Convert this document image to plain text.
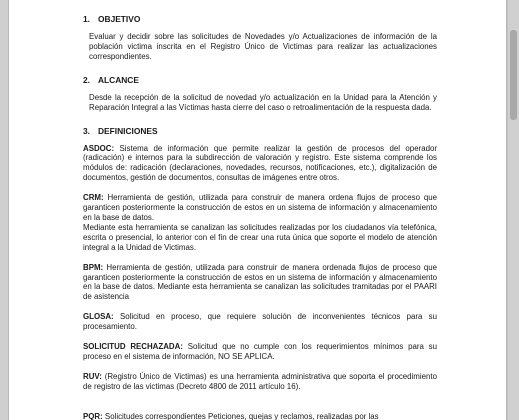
1. OBJETIVO

Evaluar y decidir sobre las solicitudes de Novedades y/o Actualizaciones de información de la población victima inscrita en el Registro Único de Victimas para realizar las actualizaciones correspondientes.

2. ALCANCE

Desde la recepción de la solicitud de novedad y/o actualización en la Unidad para la Atención y Reparación Integral a las Víctimas hasta cierre del caso o retroalimentación de la respuesta dada.

3. DEFINICIONES
ASDOC: Sistema de información que permite realizar la gestión de procesos del operador (radicación) e internos para la subdirección de valoración y registro. Este sistema comprende los módulos de: radicación (declaraciones, novedades, recursos, notificaciones, etc.), digitalización de documentos, gestión de documentos, consultas de imágenes entre otros.
CRM: Herramienta de gestión, utilizada para construir de manera ordena flujos de proceso que garanticen posteriormente la construcción de estos en un sistema de información y almacenamiento en la base de datos.
Mediante esta herramienta se canalizan las solicitudes realizadas por los ciudadanos vía telefónica, escrita o presencial, lo anterior con el fin de crear una ruta única que soporte el modelo de atención integral a la Unidad de Victimas.
BPM: Herramienta de gestión, utilizada para construir de manera ordenada flujos de proceso que garanticen posteriormente la construcción de estos en un sistema de información y almacenamiento en la base de datos. Mediante esta herramienta se canalizan las solicitudes tramitadas por el PAARI de asistencia
GLOSA: Solicitud en proceso, que requiere solución de inconvenientes técnicos para su procesamiento.
SOLICITUD RECHAZADA: Solicitud que no cumple con los requerimientos mínimos para su proceso en el sistema de información, NO SE APLICA.
RUV: (Registro Único de Victimas) es una herramienta administrativa que soporta el procedimiento de registro de las victimas (Decreto 4800 de 2011 artículo 16).
PQR: Solicitudes correspondientes Peticiones, quejas y reclamos, realizadas por las
